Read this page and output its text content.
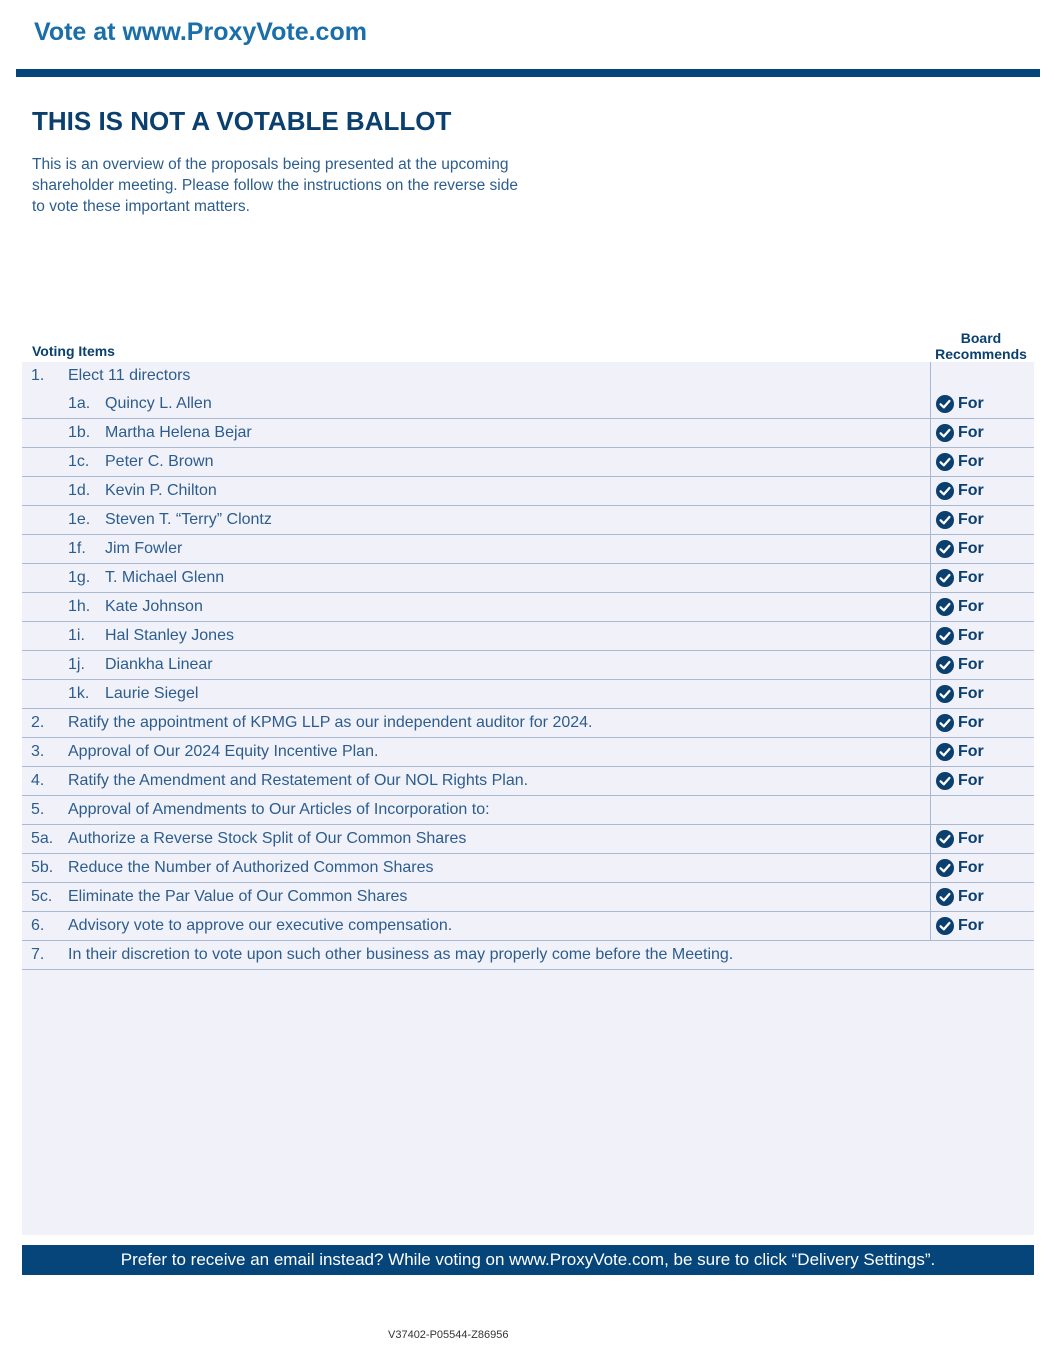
Vote at www.ProxyVote.com
THIS IS NOT A VOTABLE BALLOT

This is an overview of the proposals being presented at the upcoming shareholder meeting. Please follow the instructions on the reverse side to vote these important matters.

Voting Items
Board Recommends
1. Elect 11 directors
1a. Quincy L. Allen	For
1b. Martha Helena Bejar	For
1c. Peter C. Brown	For
1d. Kevin P. Chilton	For
1e. Steven T. “Terry” Clontz	For
1f. Jim Fowler	For
1g. T. Michael Glenn	For
1h. Kate Johnson	For
1i. Hal Stanley Jones	For
1j. Diankha Linear	For
1k. Laurie Siegel	For
2. Ratify the appointment of KPMG LLP as our independent auditor for 2024.	For
3. Approval of Our 2024 Equity Incentive Plan.	For
4. Ratify the Amendment and Restatement of Our NOL Rights Plan.	For
5. Approval of Amendments to Our Articles of Incorporation to:
5a. Authorize a Reverse Stock Split of Our Common Shares	For
5b. Reduce the Number of Authorized Common Shares	For
5c. Eliminate the Par Value of Our Common Shares	For
6. Advisory vote to approve our executive compensation.	For
7. In their discretion to vote upon such other business as may properly come before the Meeting.
Prefer to receive an email instead? While voting on www.ProxyVote.com, be sure to click “Delivery Settings”.
V37402-P05544-Z86956
